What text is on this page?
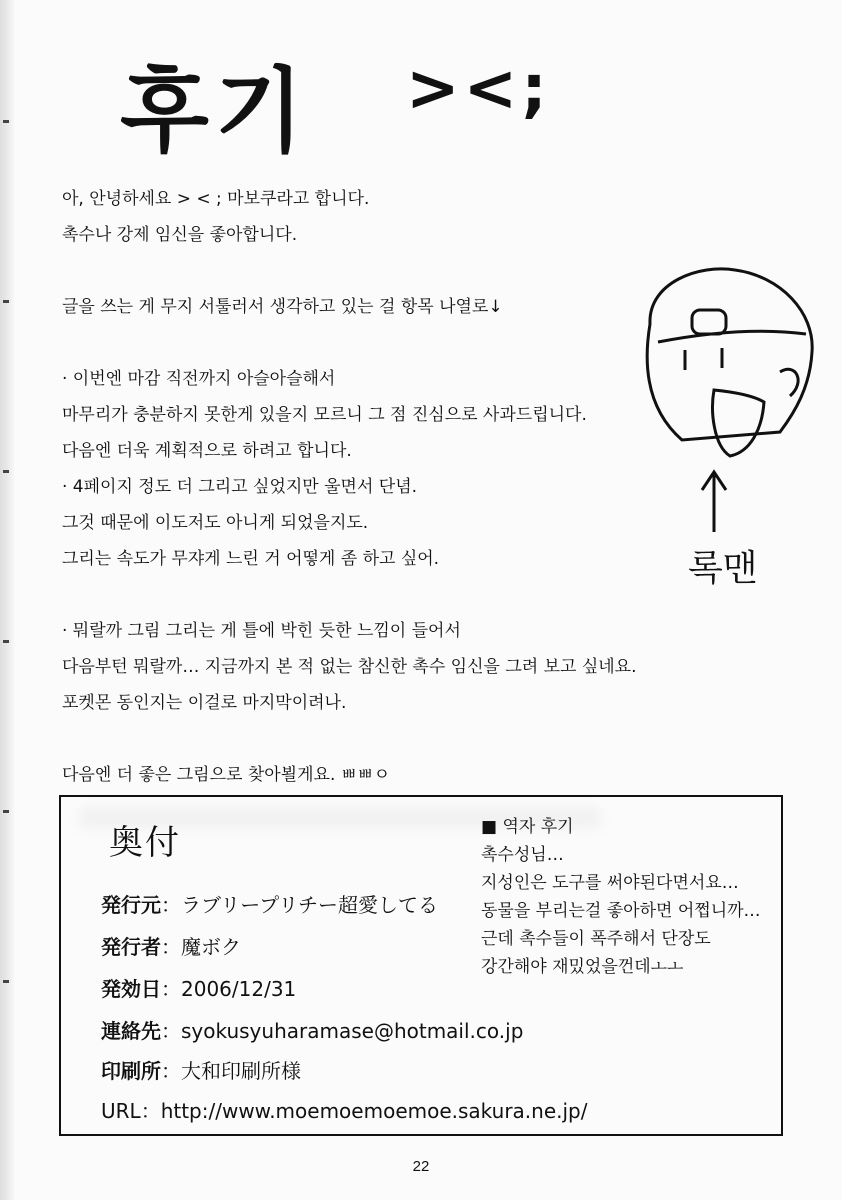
후기 ><;
아, 안녕하세요 > < ; 마보쿠라고 합니다.
촉수나 강제 임신을 좋아합니다.
글을 쓰는 게 무지 서툴러서 생각하고 있는 걸 항목 나열로↓
· 이번엔 마감 직전까지 아슬아슬해서
마무리가 충분하지 못한게 있을지 모르니 그 점 진심으로 사과드립니다.
다음엔 더욱 계획적으로 하려고 합니다.
· 4페이지 정도 더 그리고 싶었지만 울면서 단념.
그것 때문에 이도저도 아니게 되었을지도.
그리는 속도가 무쟈게 느린 거 어떻게 좀 하고 싶어.
· 뭐랄까 그림 그리는 게 틀에 박힌 듯한 느낌이 들어서
다음부턴 뭐랄까… 지금까지 본 적 없는 참신한 촉수 임신을 그려 보고 싶네요.
포켓몬 동인지는 이걸로 마지막이려나.
다음엔 더 좋은 그림으로 찾아뵐게요. ㅃㅃㅇ
록맨
奥付
発行元：ラブリープリチー超愛してる
発行者：魔ボク
発効日：2006/12/31
連絡先：syokusyuharamase@hotmail.co.jp
印刷所：大和印刷所様
URL：http://www.moemoemoemoe.sakura.ne.jp/
■ 역자 후기
촉수성님…
지성인은 도구를 써야된다면서요…
동물을 부리는걸 좋아하면 어쩝니까…
근데 촉수들이 폭주해서 단장도
강간해야 재밌었을껀데ㅗㅗ
22
